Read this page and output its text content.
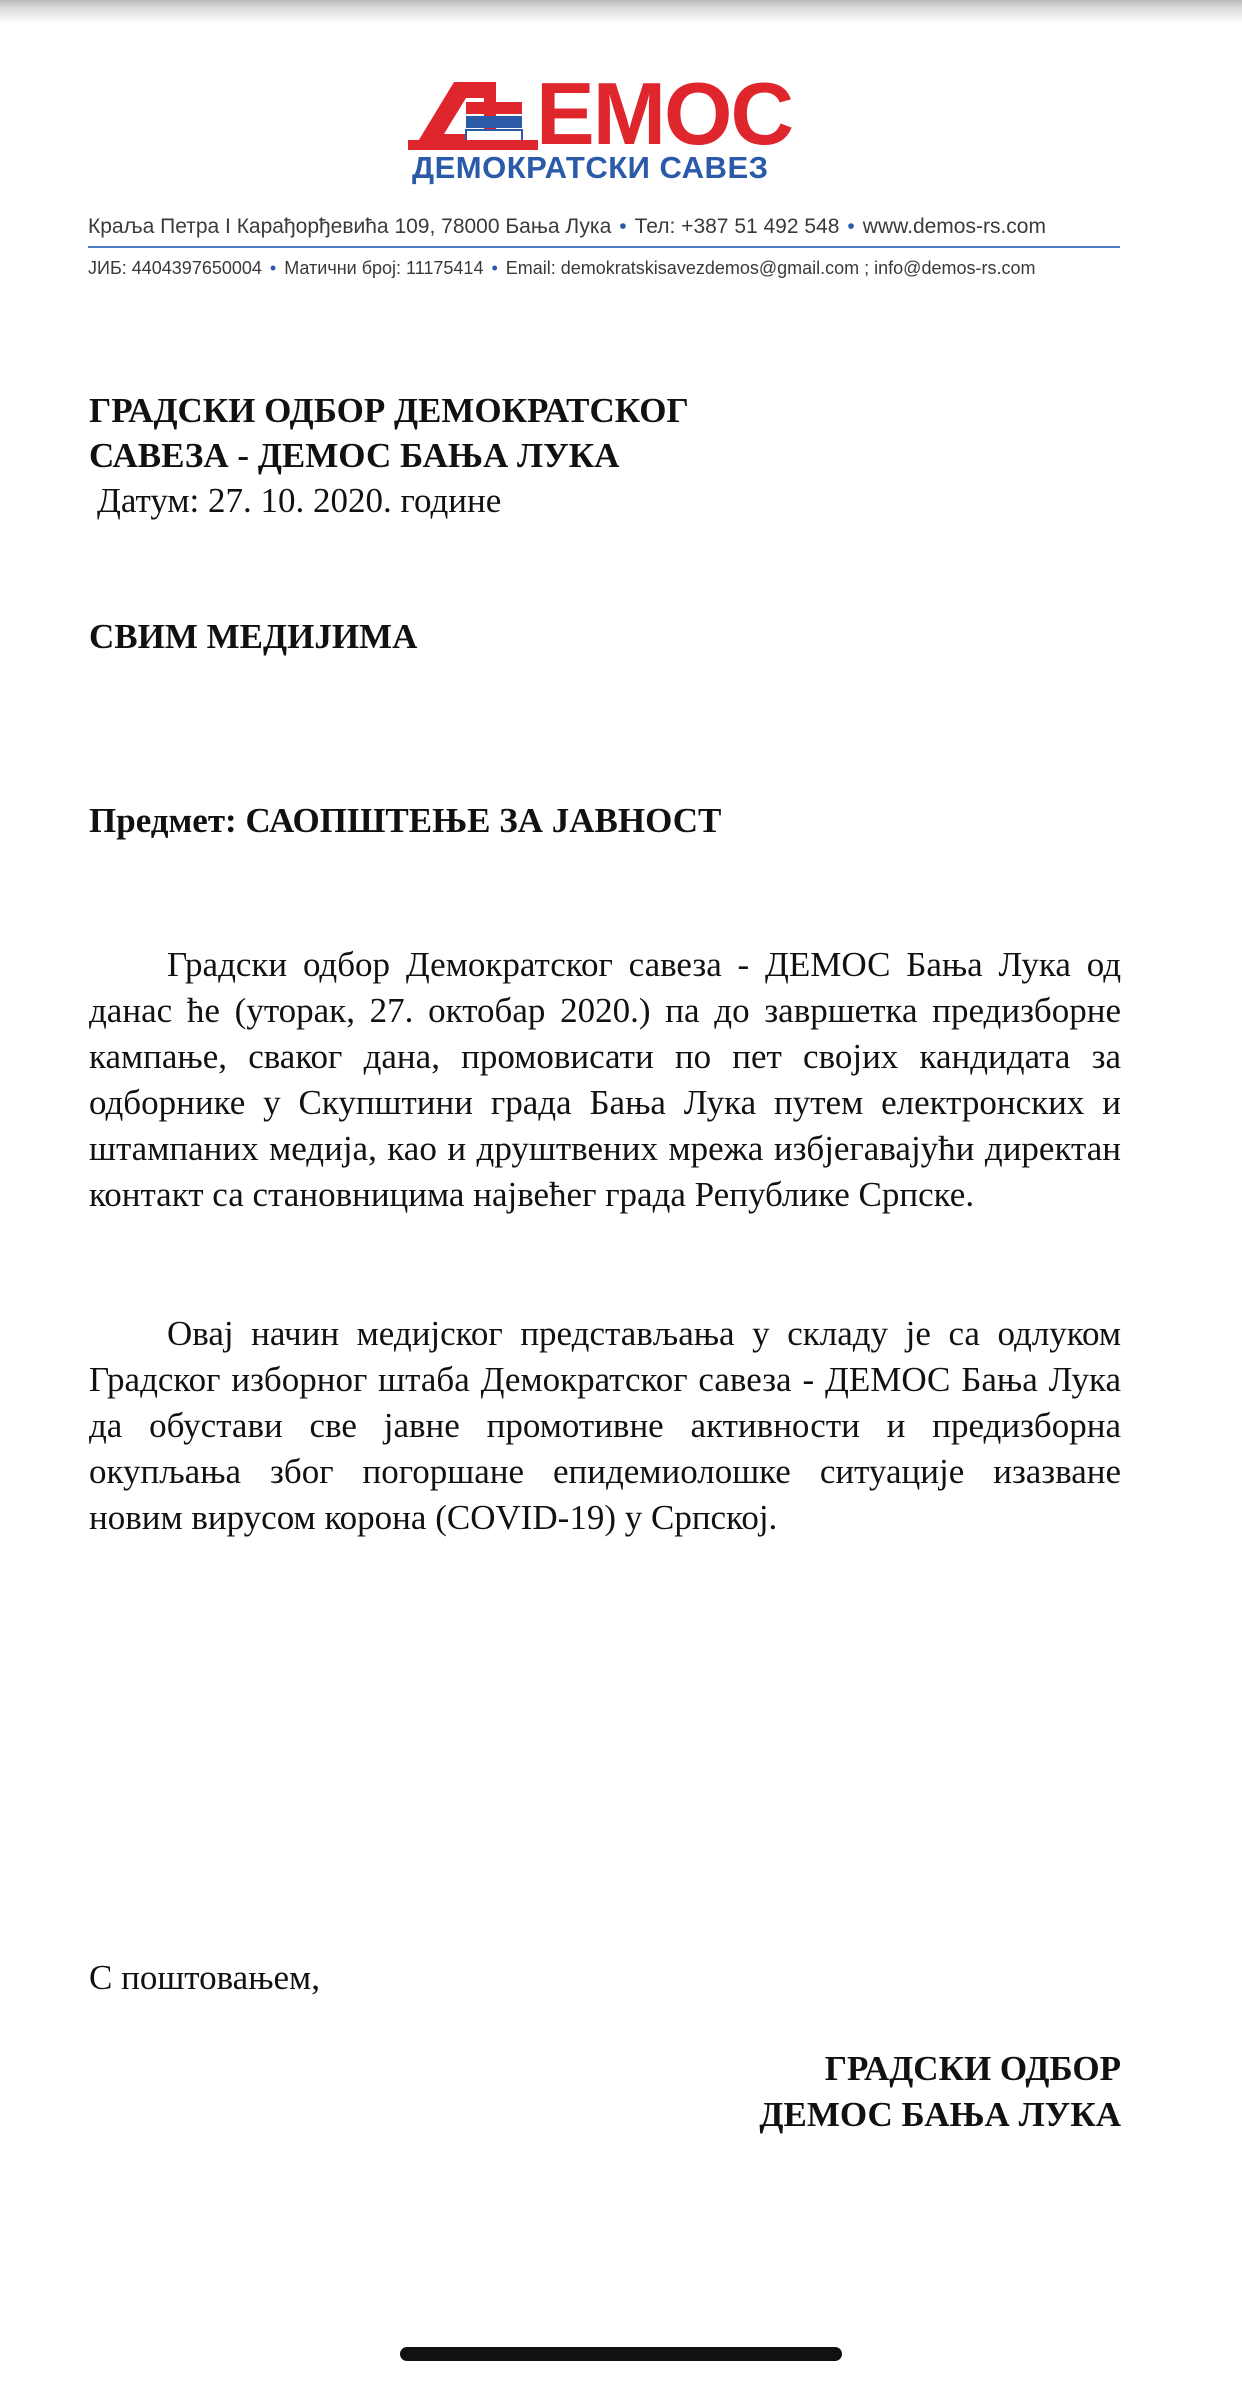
ЕМОС
ДЕМОКРАТСКИ САВЕЗ
Краља Петра I Карађорђевића 109, 78000 Бања Лука • Тел: +387 51 492 548 • www.demos-rs.com
ЈИБ: 4404397650004 • Матични број: 11175414 • Email: demokratskisavezdemos@gmail.com ; info@demos-rs.com
ГРАДСКИ ОДБОР ДЕМОКРАТСКОГ
САВЕЗА - ДЕМОС БАЊА ЛУКА
Датум: 27. 10. 2020. године
СВИМ МЕДИЈИМА
Предмет: САОПШТЕЊЕ ЗА ЈАВНОСТ
Градски одбор Демократског савеза - ДЕМОС Бања Лука од данас ће (уторак, 27. октобар 2020.) па до завршетка предизборне кампање, сваког дана, промовисати по пет својих кандидата за одборнике у Скупштини града Бања Лука путем електронских и штампаних медија, као и друштвених мрежа избјегавајући директан контакт са становницима највећег града Републике Српске.
Овај начин медијског представљања у складу је са одлуком Градског изборног штаба Демократског савеза - ДЕМОС Бања Лука да обустави све јавне промотивне активности и предизборна окупљања због погоршане епидемиолошке ситуације изазване новим вирусом корона (COVID-19) у Српској.
С поштовањем,
ГРАДСКИ ОДБОР
ДЕМОС БАЊА ЛУКА
